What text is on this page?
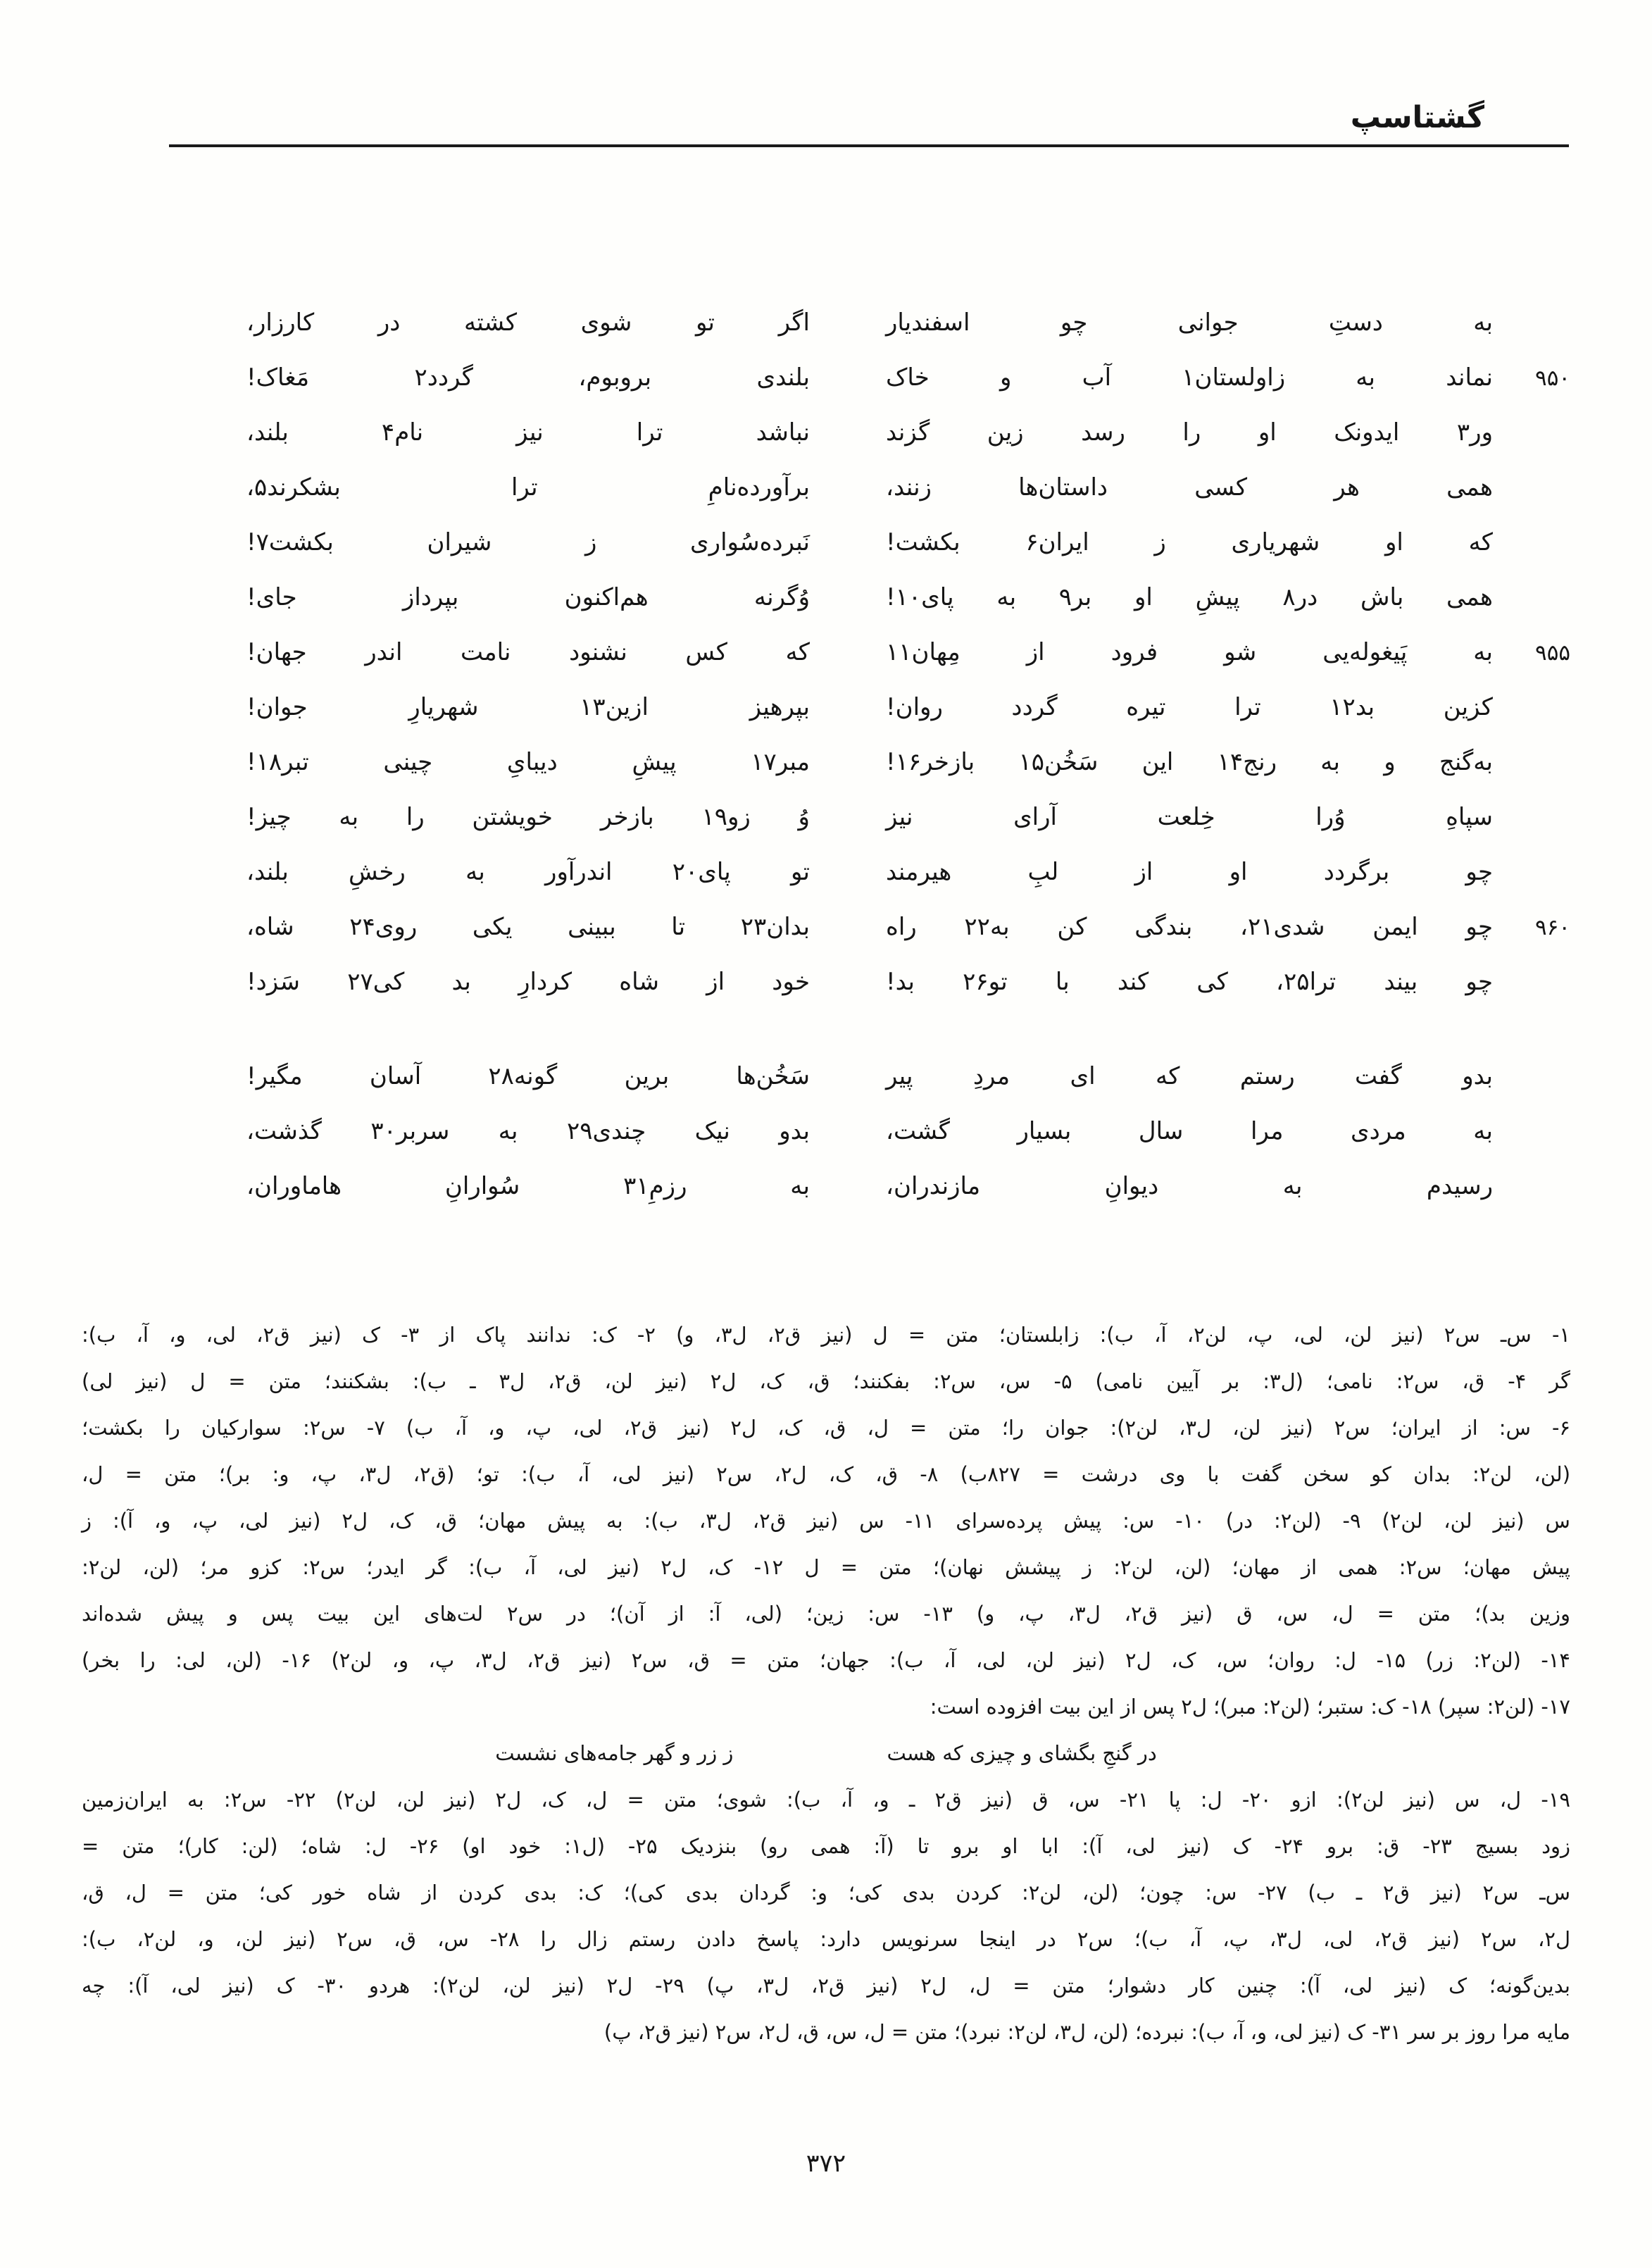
گشتاسپ
به دستِ جوانی چو اسفندیار
اگر تو شوی کشته در کارزار،
۹۵۰
نماند به زاولستان۱ آب و خاک
بلندی بروبوم، گردد۲ مَغاک!
ور۳ ایدونک او را رسد زین گزند
نباشد ترا نیز نام۴ بلند،
همی هر کسی داستان‌ها زنند،
برآورده‌نامِ ترا بشکرند۵،
که او شهریاری ز ایران۶ بکشت!
نَبرده‌سُواری ز شیران بکشت۷!
همی باش در۸ پیشِ او بر۹ به پای۱۰!
وُگرنه هم‌اکنون بپرداز جای!
۹۵۵
به پَیغوله‌یی شو فرود از مِهان۱۱
که کس نشنود نامت اندر جهان!
کزین بد۱۲ ترا تیره گردد روان!
بپرهیز ازین۱۳ شهریارِ جوان!
به‌گنج و به رنج۱۴ این سَخُن۱۵ بازخر۱۶!
مبر۱۷ پیشِ دیبایِ چینی تبر۱۸!
سپاهِ وُرا خِلعت آرای نیز
وُ زو۱۹ بازخر خویشتن را به چیز!
چو برگردد او از لبِ هیرمند
تو پای۲۰ اندرآور به رخشِ بلند،
۹۶۰
چو ایمن شدی۲۱، بندگی کن به۲۲ راه
بدان۲۳ تا ببینی یکی روی۲۴ شاه،
چو بیند ترا۲۵، کی کند با تو۲۶ بد!
خود از شاه کردارِ بد کی۲۷ سَزد!
بدو گفت رستم که ای مردِ پیر
سَخُن‌ها برین گونه۲۸ آسان مگیر!
به مردی مرا سال بسیار گشت،
بدو نیک چندی۲۹ به سربر۳۰ گذشت،
رسیدم به دیوانِ مازندران،
به رزمِ۳۱ سُوارانِ هاماوران،
۱- س‌ـ س۲ (نیز لن، لی، پ، لن۲، آ، ب): زابلستان؛ متن = ل (نیز ق۲، ل۳، و) ۲- ک: ندانند پاک از ۳- ک (نیز ق۲، لی، و، آ، ب):
گر ۴- ق، س۲: نامی؛ (ل۳: بر آیین نامی) ۵- س، س۲: بفکنند؛ ق، ک، ل۲ (نیز لن، ق۲، ل۳ ـ ب): بشکنند؛ متن = ل (نیز لی)
۶- س: از ایران؛ س۲ (نیز لن، ل۳، لن۲): جوان را؛ متن = ل، ق، ک، ل۲ (نیز ق۲، لی، پ، و، آ، ب) ۷- س۲: سوارکیان را بکشت؛
(لن، لن۲: بدان کو سخن گفت با وی درشت = ۸۲۷ب) ۸- ق، ک، ل۲، س۲ (نیز لی، آ، ب): تو؛ (ق۲، ل۳، پ، و: بر)؛ متن = ل،
س (نیز لن، لن۲) ۹- (لن۲: در) ۱۰- س: پیش پرده‌سرای ۱۱- س (نیز ق۲، ل۳، ب): به پیش مهان؛ ق، ک، ل۲ (نیز لی، پ، و، آ): ز
پیش مهان؛ س۲: همی از مهان؛ (لن، لن۲: ز پیشش نهان)؛ متن = ل ۱۲- ک، ل۲ (نیز لی، آ، ب): گر ایدر؛ س۲: کزو مر؛ (لن، لن۲:
وزین بد)؛ متن = ل، س، ق (نیز ق۲، ل۳، پ، و) ۱۳- س: زین؛ (لی، آ: از آن)؛ در س۲ لت‌های این بیت پس و پیش شده‌اند
۱۴- (لن۲: زر) ۱۵- ل: روان؛ س، ک، ل۲ (نیز لن، لی، آ، ب): جهان؛ متن = ق، س۲ (نیز ق۲، ل۳، پ، و، لن۲) ۱۶- (لن، لی: را بخر)
۱۷- (لن۲: سپر) ۱۸- ک: ستبر؛ (لن۲: مبر)؛ ل۲ پس از این بیت افزوده است:
در گنجِ بگشای و چیزی که هست
ز زر و گهر جامه‌های نشست
۱۹- ل، س (نیز لن۲): ازو ۲۰- ل: پا ۲۱- س، ق (نیز ق۲ ـ و، آ، ب): شوی؛ متن = ل، ک، ل۲ (نیز لن، لن۲) ۲۲- س۲: به ایران‌زمین
زود بسیج ۲۳- ق: برو ۲۴- ک (نیز لی، آ): ابا او برو تا (آ: همی رو) بنزدیک ۲۵- (ل۱: خود او) ۲۶- ل: شاه؛ (لن: کار)؛ متن =
س‌ـ س۲ (نیز ق۲ ـ ب) ۲۷- س: چون؛ (لن، لن۲: کردن بدی کی؛ و: گردان بدی کی)؛ ک: بدی کردن از شاه خور کی؛ متن = ل، ق،
ل۲، س۲ (نیز ق۲، لی، ل۳، پ، آ، ب)؛ س۲ در اینجا سرنویس دارد: پاسخ دادن رستم زال را ۲۸- س، ق، س۲ (نیز لن، و، لن۲، ب):
بدین‌گونه؛ ک (نیز لی، آ): چنین کار دشوار؛ متن = ل، ل۲ (نیز ق۲، ل۳، پ) ۲۹- ل۲ (نیز لن، لن۲): هردو ۳۰- ک (نیز لی، آ): چه
مایه مرا روز بر سر ۳۱- ک (نیز لی، و، آ، ب): نبرده؛ (لن، ل۳، لن۲: نبرد)؛ متن = ل، س، ق، ل۲، س۲ (نیز ق۲، پ)
۳۷۲
